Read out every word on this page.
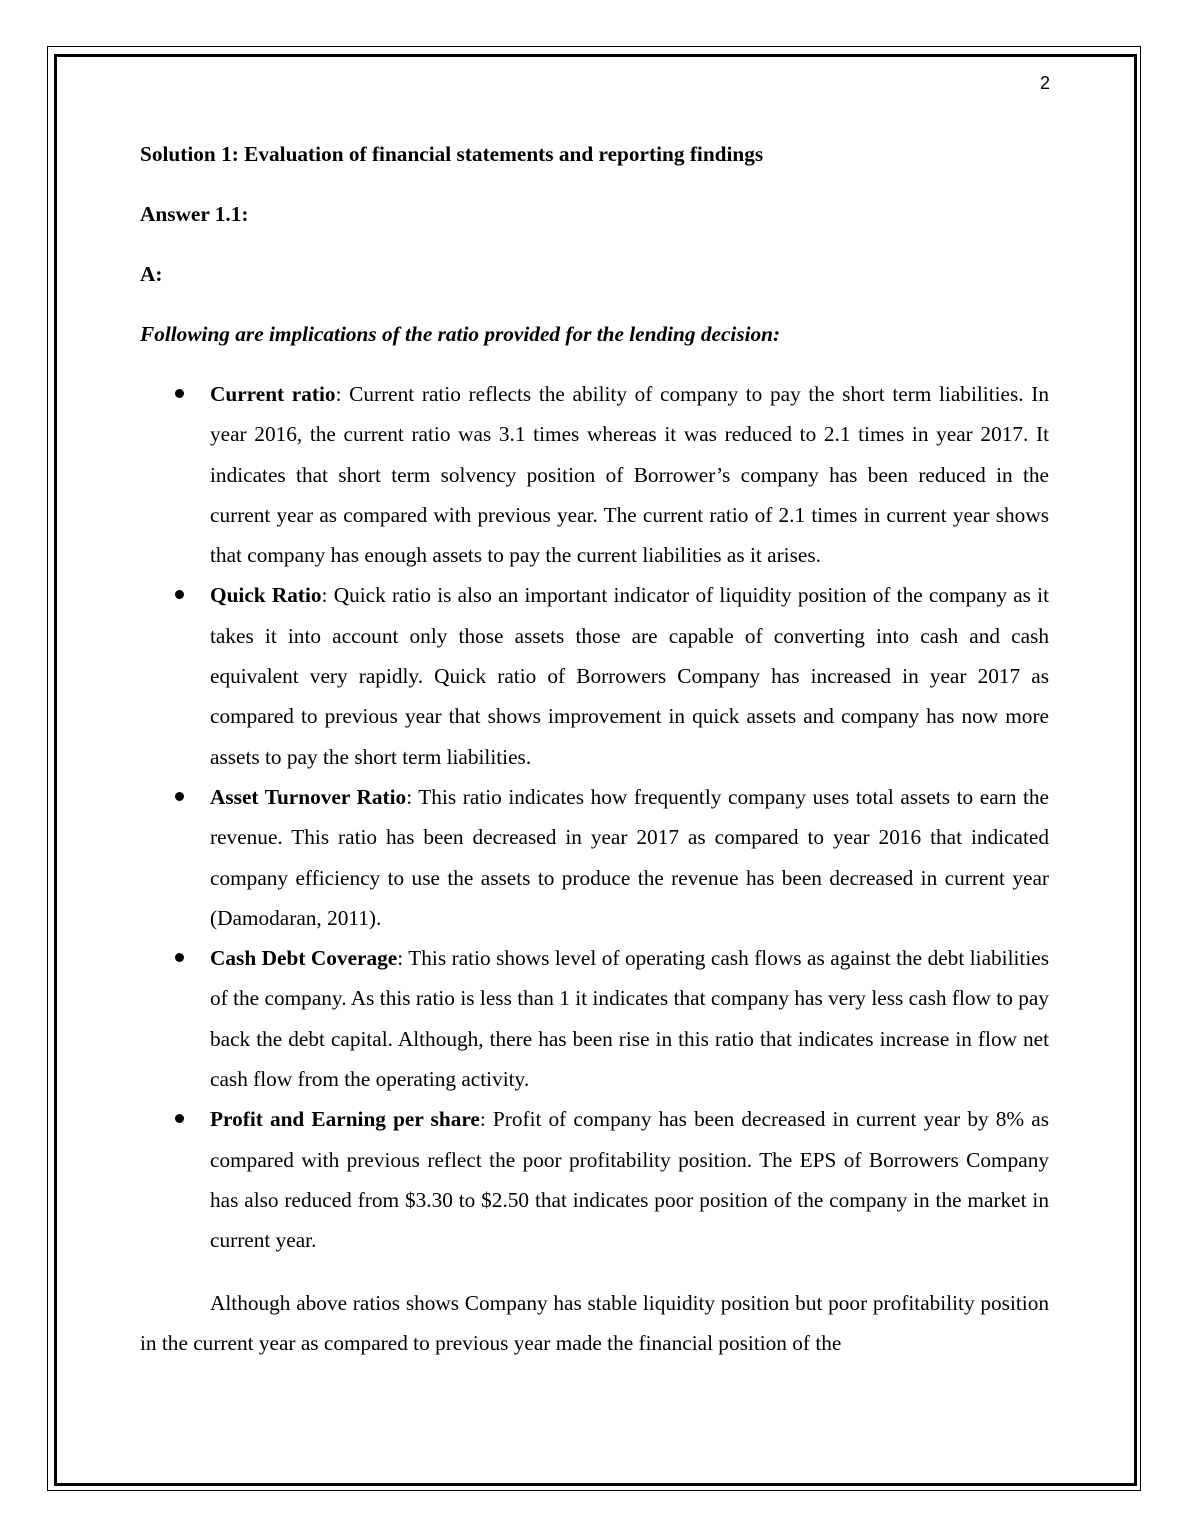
2
Solution 1: Evaluation of financial statements and reporting findings
Answer 1.1:
A:
Following are implications of the ratio provided for the lending decision:
Current ratio: Current ratio reflects the ability of company to pay the short term liabilities. In year 2016, the current ratio was 3.1 times whereas it was reduced to 2.1 times in year 2017. It indicates that short term solvency position of Borrower’s company has been reduced in the current year as compared with previous year. The current ratio of 2.1 times in current year shows that company has enough assets to pay the current liabilities as it arises.
Quick Ratio: Quick ratio is also an important indicator of liquidity position of the company as it takes it into account only those assets those are capable of converting into cash and cash equivalent very rapidly. Quick ratio of Borrowers Company has increased in year 2017 as compared to previous year that shows improvement in quick assets and company has now more assets to pay the short term liabilities.
Asset Turnover Ratio: This ratio indicates how frequently company uses total assets to earn the revenue. This ratio has been decreased in year 2017 as compared to year 2016 that indicated company efficiency to use the assets to produce the revenue has been decreased in current year (Damodaran, 2011).
Cash Debt Coverage: This ratio shows level of operating cash flows as against the debt liabilities of the company. As this ratio is less than 1 it indicates that company has very less cash flow to pay back the debt capital. Although, there has been rise in this ratio that indicates increase in flow net cash flow from the operating activity.
Profit and Earning per share: Profit of company has been decreased in current year by 8% as compared with previous reflect the poor profitability position. The EPS of Borrowers Company has also reduced from $3.30 to $2.50 that indicates poor position of the company in the market in current year.
Although above ratios shows Company has stable liquidity position but poor profitability position in the current year as compared to previous year made the financial position of the
